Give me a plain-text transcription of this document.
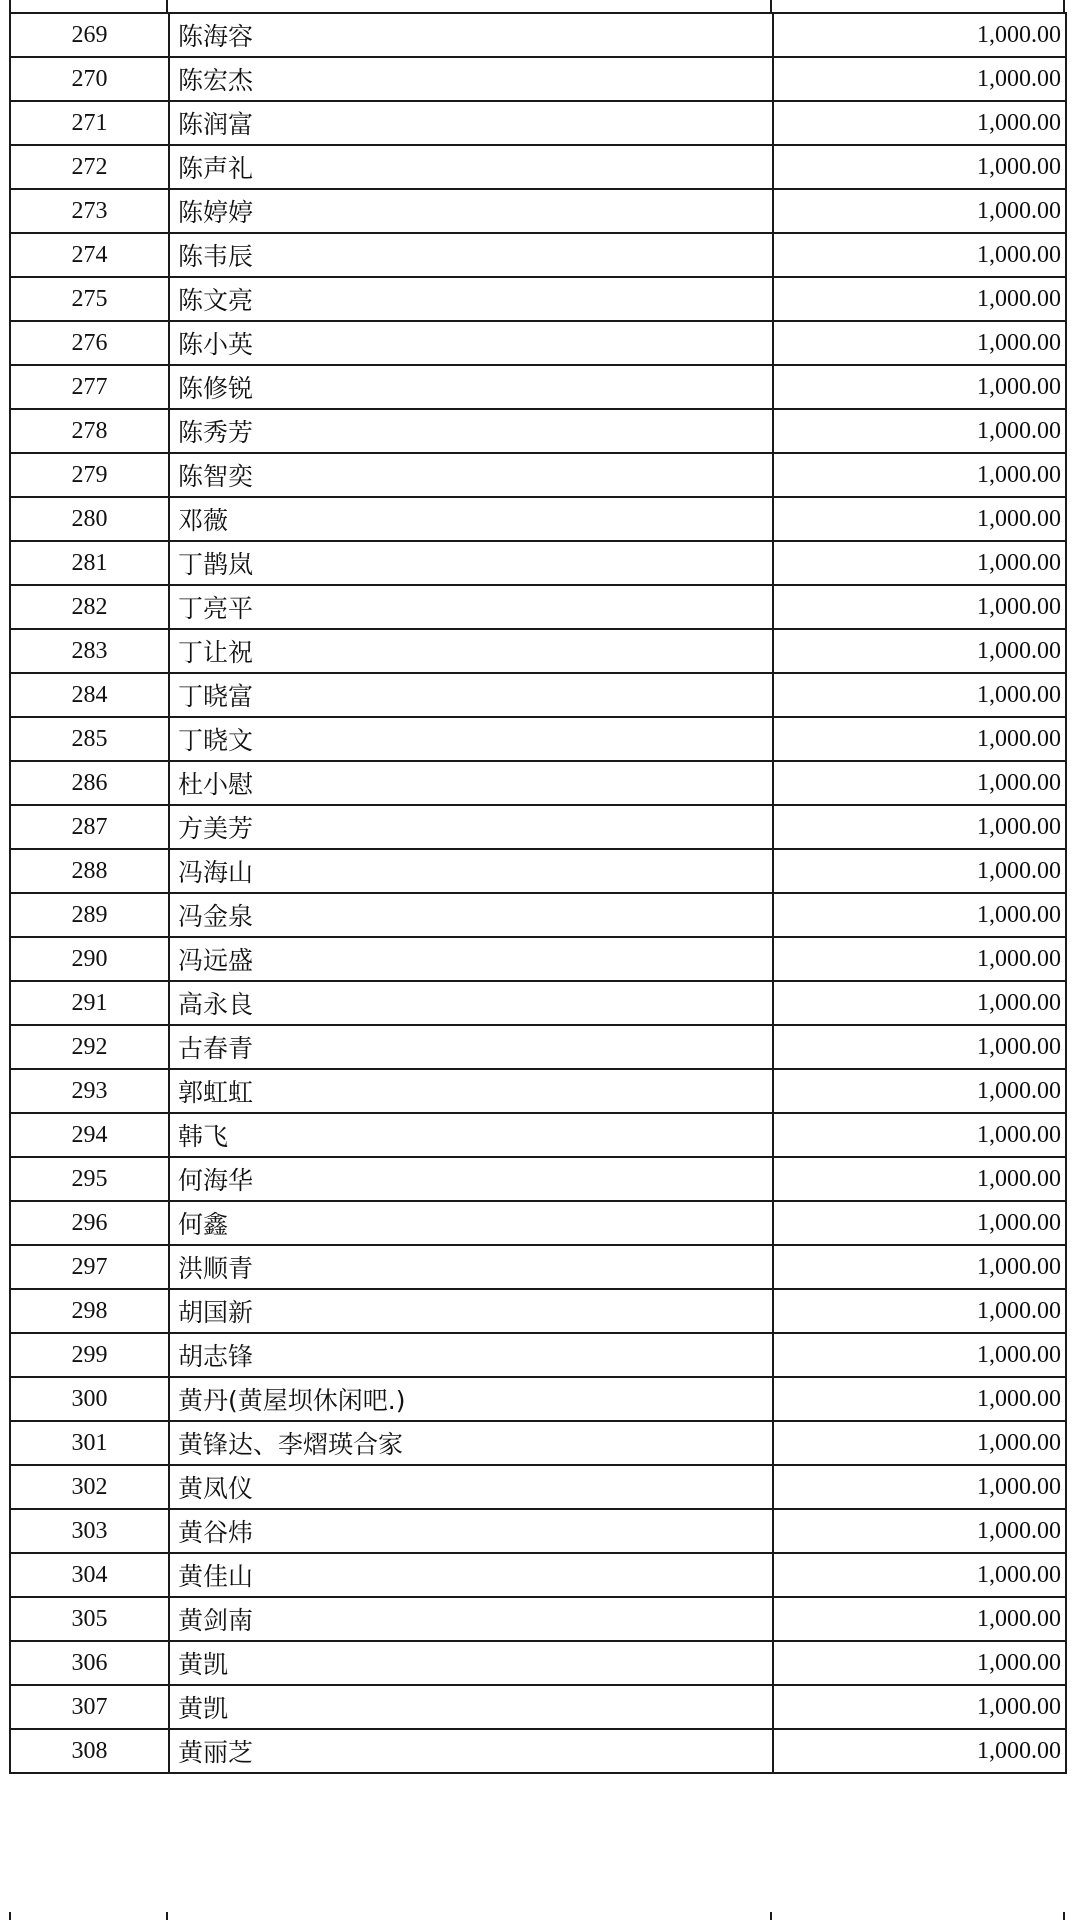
269	陈海容	1,000.00
270	陈宏杰	1,000.00
271	陈润富	1,000.00
272	陈声礼	1,000.00
273	陈婷婷	1,000.00
274	陈韦辰	1,000.00
275	陈文亮	1,000.00
276	陈小英	1,000.00
277	陈修锐	1,000.00
278	陈秀芳	1,000.00
279	陈智奕	1,000.00
280	邓薇	1,000.00
281	丁鹊岚	1,000.00
282	丁亮平	1,000.00
283	丁让祝	1,000.00
284	丁晓富	1,000.00
285	丁晓文	1,000.00
286	杜小慰	1,000.00
287	方美芳	1,000.00
288	冯海山	1,000.00
289	冯金泉	1,000.00
290	冯远盛	1,000.00
291	高永良	1,000.00
292	古春青	1,000.00
293	郭虹虹	1,000.00
294	韩飞	1,000.00
295	何海华	1,000.00
296	何鑫	1,000.00
297	洪顺青	1,000.00
298	胡国新	1,000.00
299	胡志锋	1,000.00
300	黄丹(黄屋坝休闲吧.)	1,000.00
301	黄锋达、李熠瑛合家	1,000.00
302	黄凤仪	1,000.00
303	黄谷炜	1,000.00
304	黄佳山	1,000.00
305	黄剑南	1,000.00
306	黄凯	1,000.00
307	黄凯	1,000.00
308	黄丽芝	1,000.00
